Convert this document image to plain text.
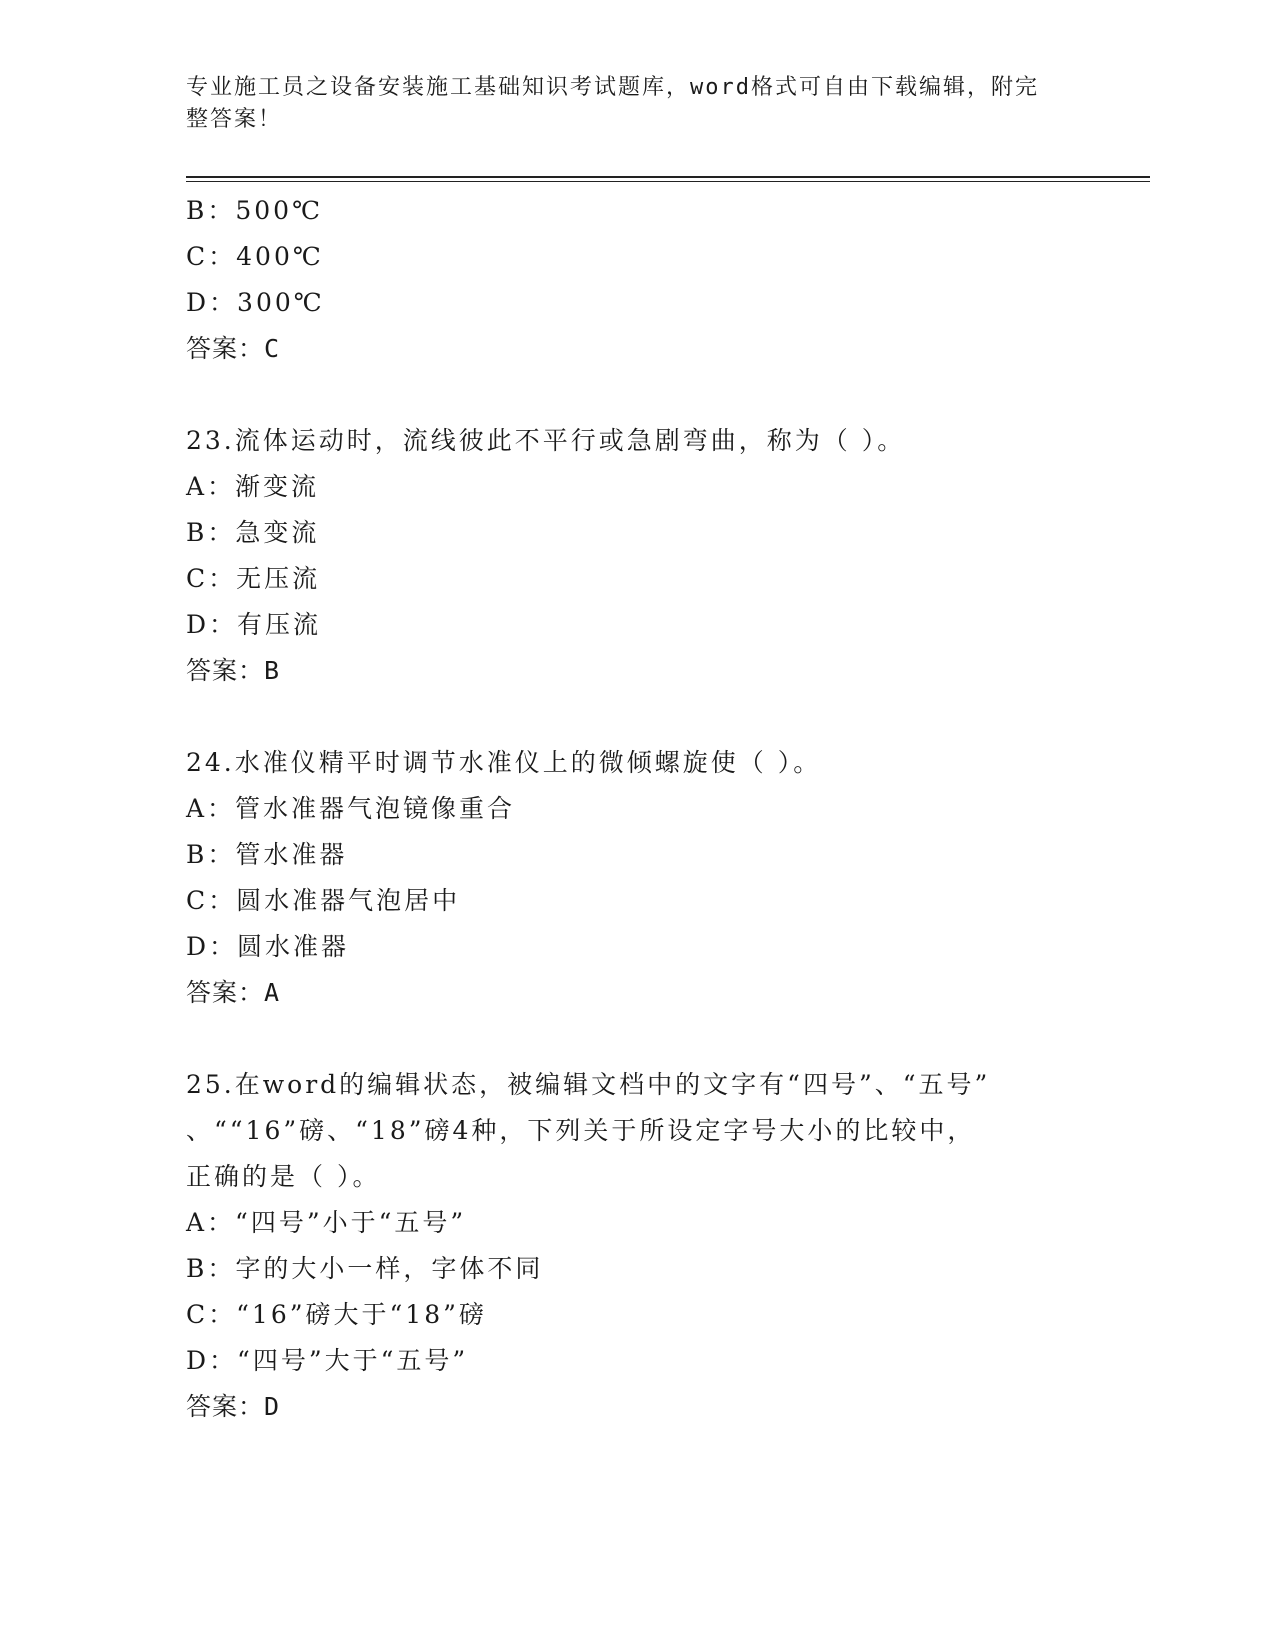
专业施工员之设备安装施工基础知识考试题库，word格式可自由下载编辑，附完
整答案！
B：500℃
C：400℃
D：300℃
答案：C
23.流体运动时，流线彼此不平行或急剧弯曲，称为（ ）。
A：渐变流
B：急变流
C：无压流
D：有压流
答案：B
24.水准仪精平时调节水准仪上的微倾螺旋使（ ）。
A：管水准器气泡镜像重合
B：管水准器
C：圆水准器气泡居中
D：圆水准器
答案：A
25.在word的编辑状态，被编辑文档中的文字有“四号”、“五号”
、““16”磅、“18”磅4种，下列关于所设定字号大小的比较中，
正确的是（ ）。
A：“四号”小于“五号”
B：字的大小一样，字体不同
C：“16”磅大于“18”磅
D：“四号”大于“五号”
答案：D
